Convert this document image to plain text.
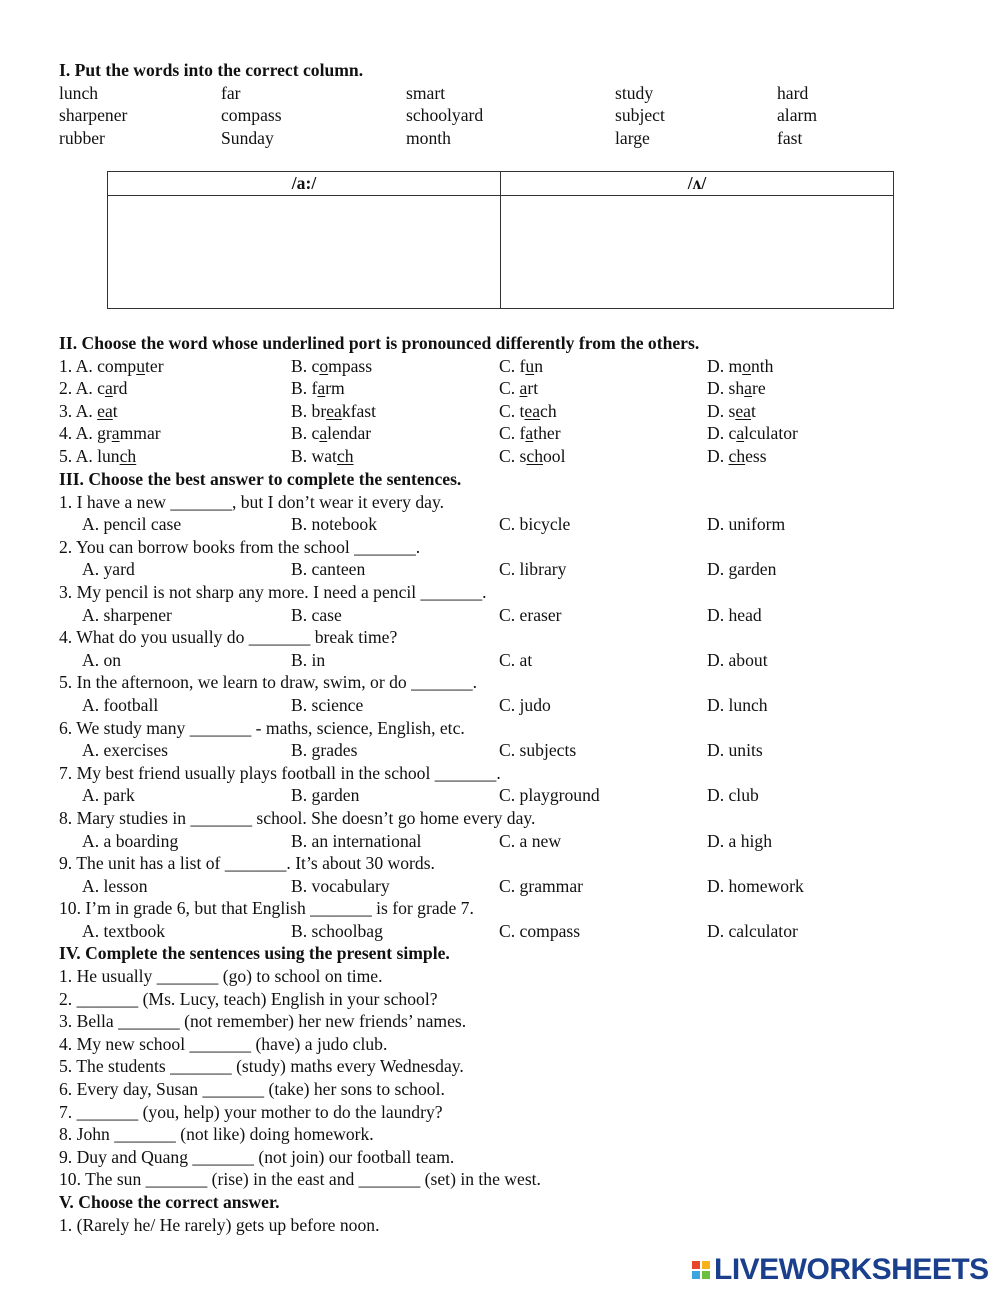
I. Put the words into the correct column.
lunch	far	smart	study	hard
sharpener	compass	schoolyard	subject	alarm
rubber	Sunday	month	large	fast
/a:/	/ʌ/
II. Choose the word whose underlined port is pronounced differently from the others.
1. A. computer	B. compass	C. fun	D. month
2. A. card	B. farm	C. art	D. share
3. A. eat	B. breakfast	C. teach	D. seat
4. A. grammar	B. calendar	C. father	D. calculator
5. A. lunch	B. watch	C. school	D. chess
III. Choose the best answer to complete the sentences.
1. I have a new _______, but I don’t wear it every day.
A. pencil case	B. notebook	C. bicycle	D. uniform
2. You can borrow books from the school _______.
A. yard	B. canteen	C. library	D. garden
3. My pencil is not sharp any more. I need a pencil _______.
A. sharpener	B. case	C. eraser	D. head
4. What do you usually do _______ break time?
A. on	B. in	C. at	D. about
5. In the afternoon, we learn to draw, swim, or do _______.
A. football	B. science	C. judo	D. lunch
6. We study many _______ - maths, science, English, etc.
A. exercises	B. grades	C. subjects	D. units
7. My best friend usually plays football in the school _______.
A. park	B. garden	C. playground	D. club
8. Mary studies in _______ school. She doesn’t go home every day.
A. a boarding	B. an international	C. a new	D. a high
9. The unit has a list of _______. It’s about 30 words.
A. lesson	B. vocabulary	C. grammar	D. homework
10. I’m in grade 6, but that English _______ is for grade 7.
A. textbook	B. schoolbag	C. compass	D. calculator
IV. Complete the sentences using the present simple.
1. He usually _______ (go) to school on time.
2. _______ (Ms. Lucy, teach) English in your school?
3. Bella _______ (not remember) her new friends’ names.
4. My new school _______ (have) a judo club.
5. The students _______ (study) maths every Wednesday.
6. Every day, Susan _______ (take) her sons to school.
7. _______ (you, help) your mother to do the laundry?
8. John _______ (not like) doing homework.
9. Duy and Quang _______ (not join) our football team.
10. The sun _______ (rise) in the east and _______ (set) in the west.
V. Choose the correct answer.
1. (Rarely he/ He rarely) gets up before noon.
LIVEWORKSHEETS
